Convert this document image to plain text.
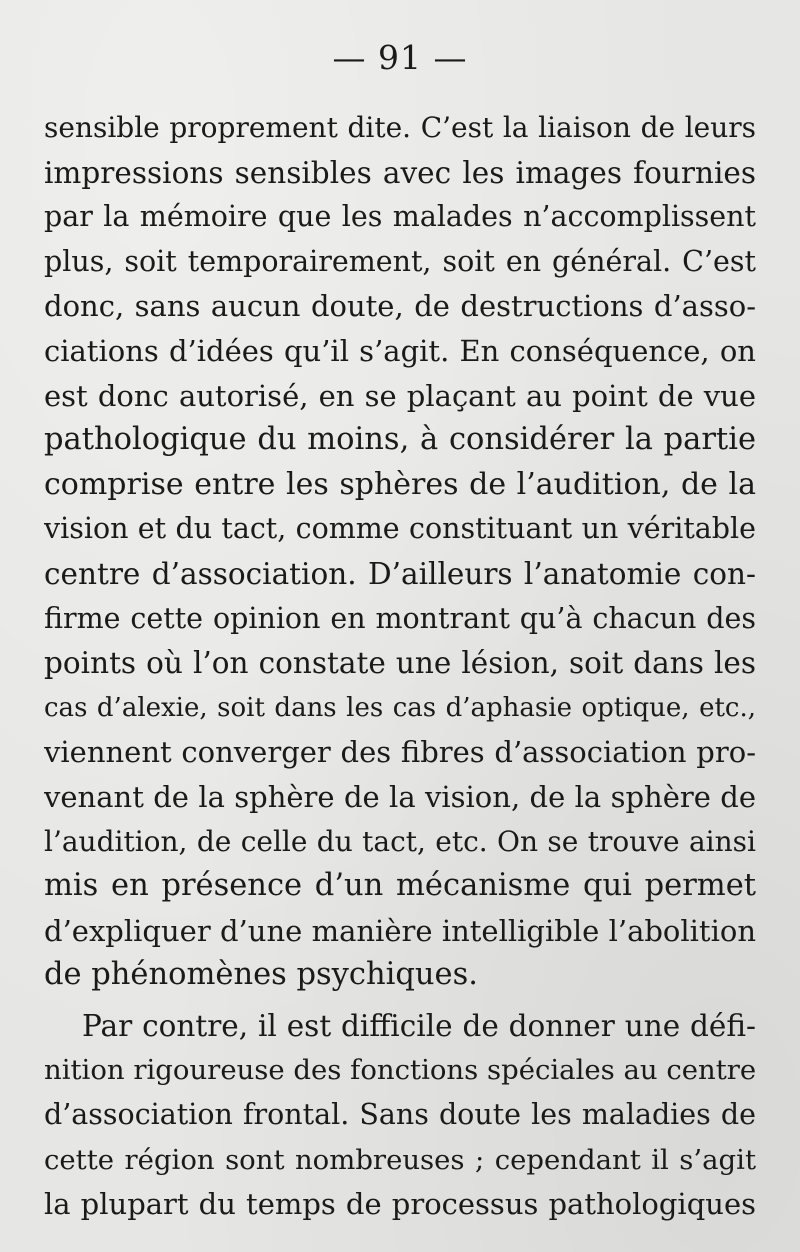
— 91 —
sensible proprement dite. C’est la liaison de leurs
impressions sensibles avec les images fournies
par la mémoire que les malades n’accomplissent
plus, soit temporairement, soit en général. C’est
donc, sans aucun doute, de destructions d’asso-
ciations d’idées qu’il s’agit. En conséquence, on
est donc autorisé, en se plaçant au point de vue
pathologique du moins, à considérer la partie
comprise entre les sphères de l’audition, de la
vision et du tact, comme constituant un véritable
centre d’association. D’ailleurs l’anatomie con-
firme cette opinion en montrant qu’à chacun des
points où l’on constate une lésion, soit dans les
cas d’alexie, soit dans les cas d’aphasie optique, etc.,
viennent converger des fibres d’association pro-
venant de la sphère de la vision, de la sphère de
l’audition, de celle du tact, etc. On se trouve ainsi
mis en présence d’un mécanisme qui permet
d’expliquer d’une manière intelligible l’abolition
de phénomènes psychiques.
Par contre, il est difficile de donner une défi-
nition rigoureuse des fonctions spéciales au centre
d’association frontal. Sans doute les maladies de
cette région sont nombreuses ; cependant il s’agit
la plupart du temps de processus pathologiques
